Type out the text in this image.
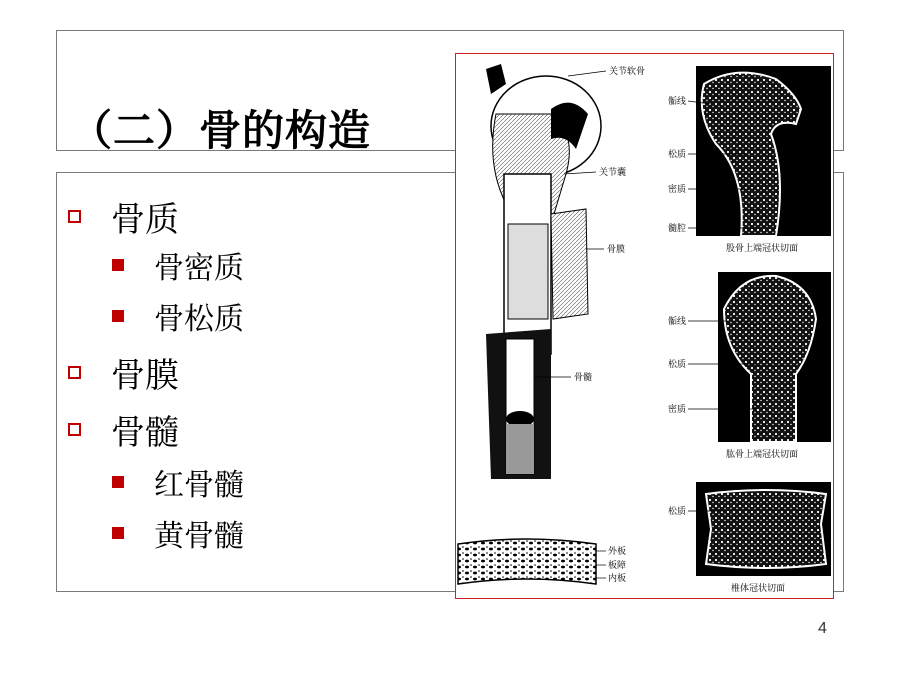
（二）骨的构造
骨质
骨密质
骨松质
骨膜
骨髓
红骨髓
黄骨髓
关节软骨
关节囊
骨膜
骨髓
外板
板障
内板
骺线
松质
密质
髓腔
股骨上端冠状切面
骺线
松质
密质
肱骨上端冠状切面
松质
椎体冠状切面
4
